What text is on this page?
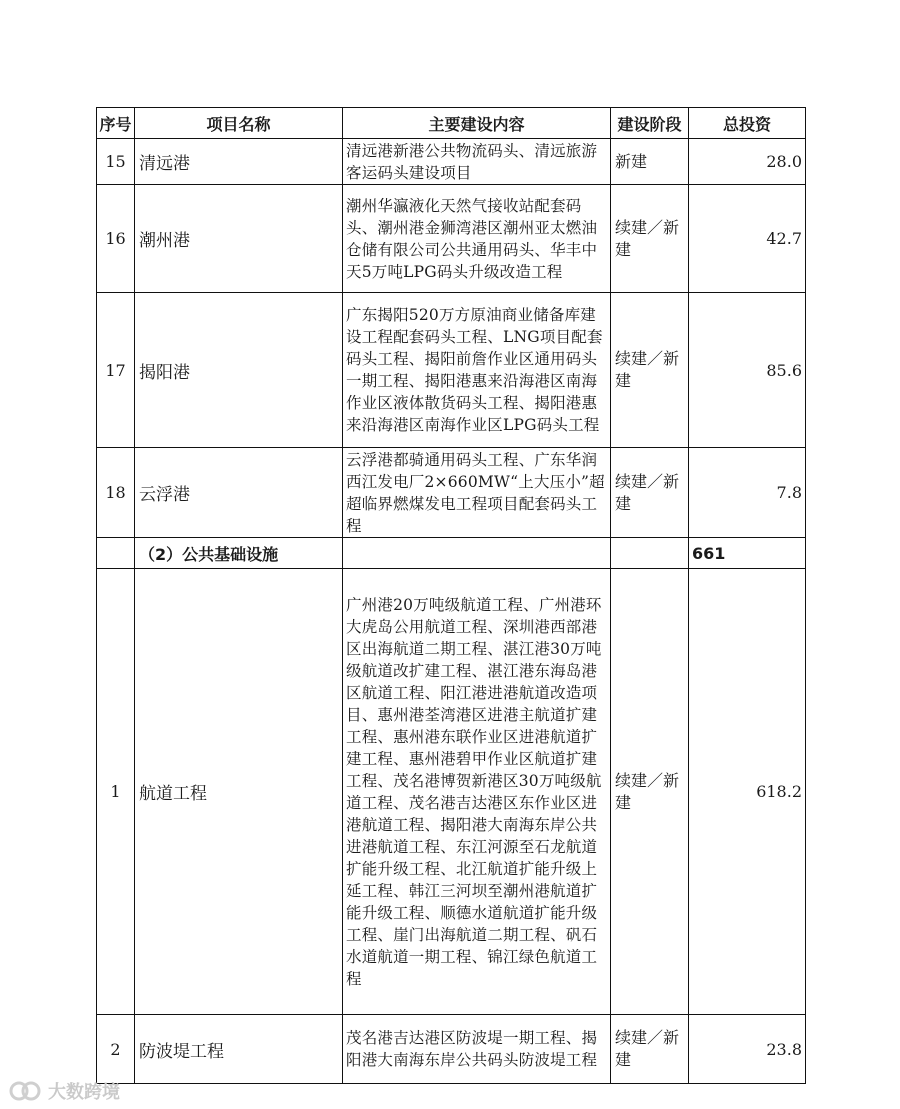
序号	项目名称	主要建设内容	建设阶段	总投资
15	清远港	清远港新港公共物流码头、清远旅游客运码头建设项目	新建	28.0
16	潮州港	潮州华瀛液化天然气接收站配套码头、潮州港金狮湾港区潮州亚太燃油仓储有限公司公共通用码头、华丰中天5万吨LPG码头升级改造工程	续建／新建	42.7
17	揭阳港	广东揭阳520万方原油商业储备库建设工程配套码头工程、LNG项目配套码头工程、揭阳前詹作业区通用码头一期工程、揭阳港惠来沿海港区南海作业区液体散货码头工程、揭阳港惠来沿海港区南海作业区LPG码头工程	续建／新建	85.6
18	云浮港	云浮港都骑通用码头工程、广东华润西江发电厂2×660MW“上大压小”超超临界燃煤发电工程项目配套码头工程	续建／新建	7.8
	（2）公共基础设施			661
1	航道工程	广州港20万吨级航道工程、广州港环大虎岛公用航道工程、深圳港西部港区出海航道二期工程、湛江港30万吨级航道改扩建工程、湛江港东海岛港区航道工程、阳江港进港航道改造项目、惠州港荃湾港区进港主航道扩建工程、惠州港东联作业区进港航道扩建工程、惠州港碧甲作业区航道扩建工程、茂名港博贺新港区30万吨级航道工程、茂名港吉达港区东作业区进港航道工程、揭阳港大南海东岸公共进港航道工程、东江河源至石龙航道扩能升级工程、北江航道扩能升级上延工程、韩江三河坝至潮州港航道扩能升级工程、顺德水道航道扩能升级工程、崖门出海航道二期工程、矾石水道航道一期工程、锦江绿色航道工程	续建／新建	618.2
2	防波堤工程	茂名港吉达港区防波堤一期工程、揭阳港大南海东岸公共码头防波堤工程	续建／新建	23.8
大数跨境
